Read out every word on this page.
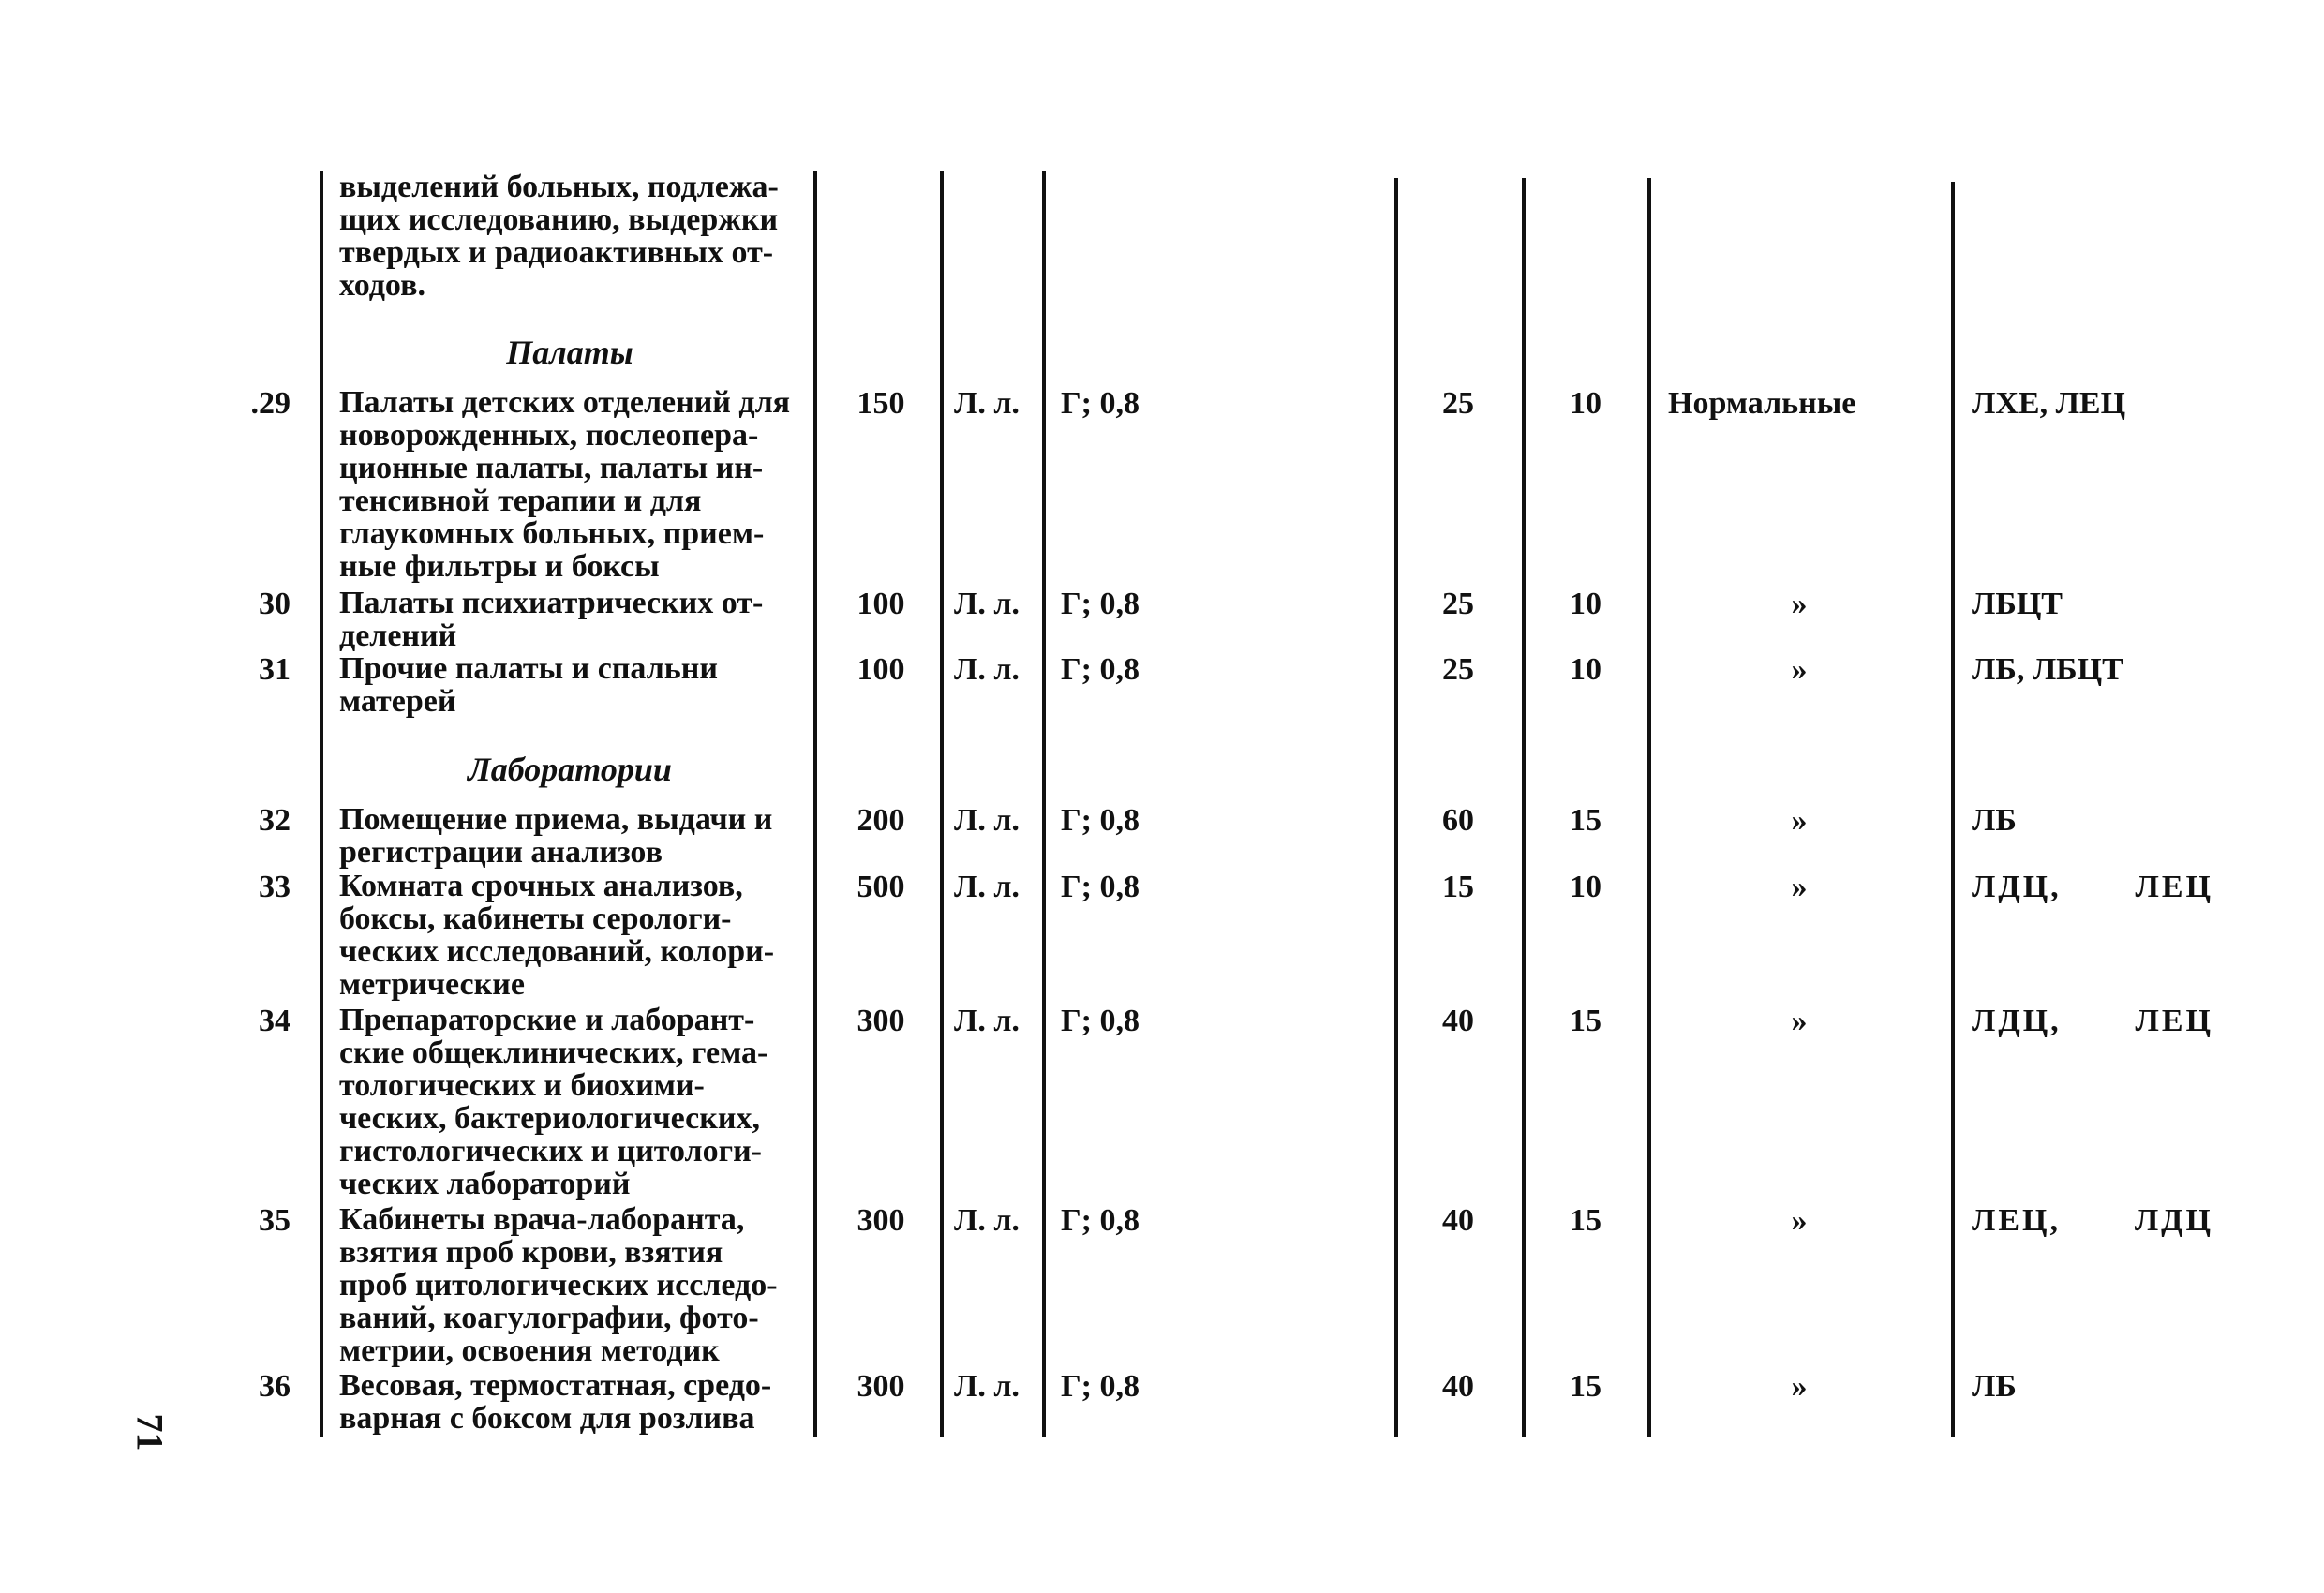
выделений больных, подлежа-
щих исследованию, выдержки
твердых и радиоактивных от-
ходов.
Палаты
Лаборатории
.29 Палаты детских отделений для
новорожденных, послеопера-
ционные палаты, палаты ин-
тенсивной терапии и для
глаукомных больных, прием-
ные фильтры и боксы
150	Л. л. Г; 0,8	25	10	Нормальные	ЛХЕ, ЛЕЦ
30 Палаты психиатрических от-
делений
100	Л. л. Г; 0,8	25	10	»	ЛБЦТ
31 Прочие палаты и спальни
матерей
100	Л. л. Г; 0,8	25	10	»	ЛБ, ЛБЦТ
32 Помещение приема, выдачи и
регистрации анализов
200	Л. л. Г; 0,8	60	15	»	ЛБ
33 Комната срочных анализов,
боксы, кабинеты серологи-
ческих исследований, колори-
метрические
500	Л. л. Г; 0,8	15	10	»	ЛДЦ, ЛЕЦ
34 Препараторские и лаборант-
ские общеклинических, гема-
тологических и биохими-
ческих, бактериологических,
гистологических и цитологи-
ческих лабораторий
300	Л. л. Г; 0,8	40	15	»	ЛДЦ, ЛЕЦ
35 Кабинеты врача-лаборанта,
взятия проб крови, взятия
проб цитологических исследо-
ваний, коагулографии, фото-
метрии, освоения методик
300	Л. л. Г; 0,8	40	15	»	ЛЕЦ, ЛДЦ
36 Весовая, термостатная, средо-
варная с боксом для розлива
300	Л. л. Г; 0,8	40	15	»	ЛБ
71
